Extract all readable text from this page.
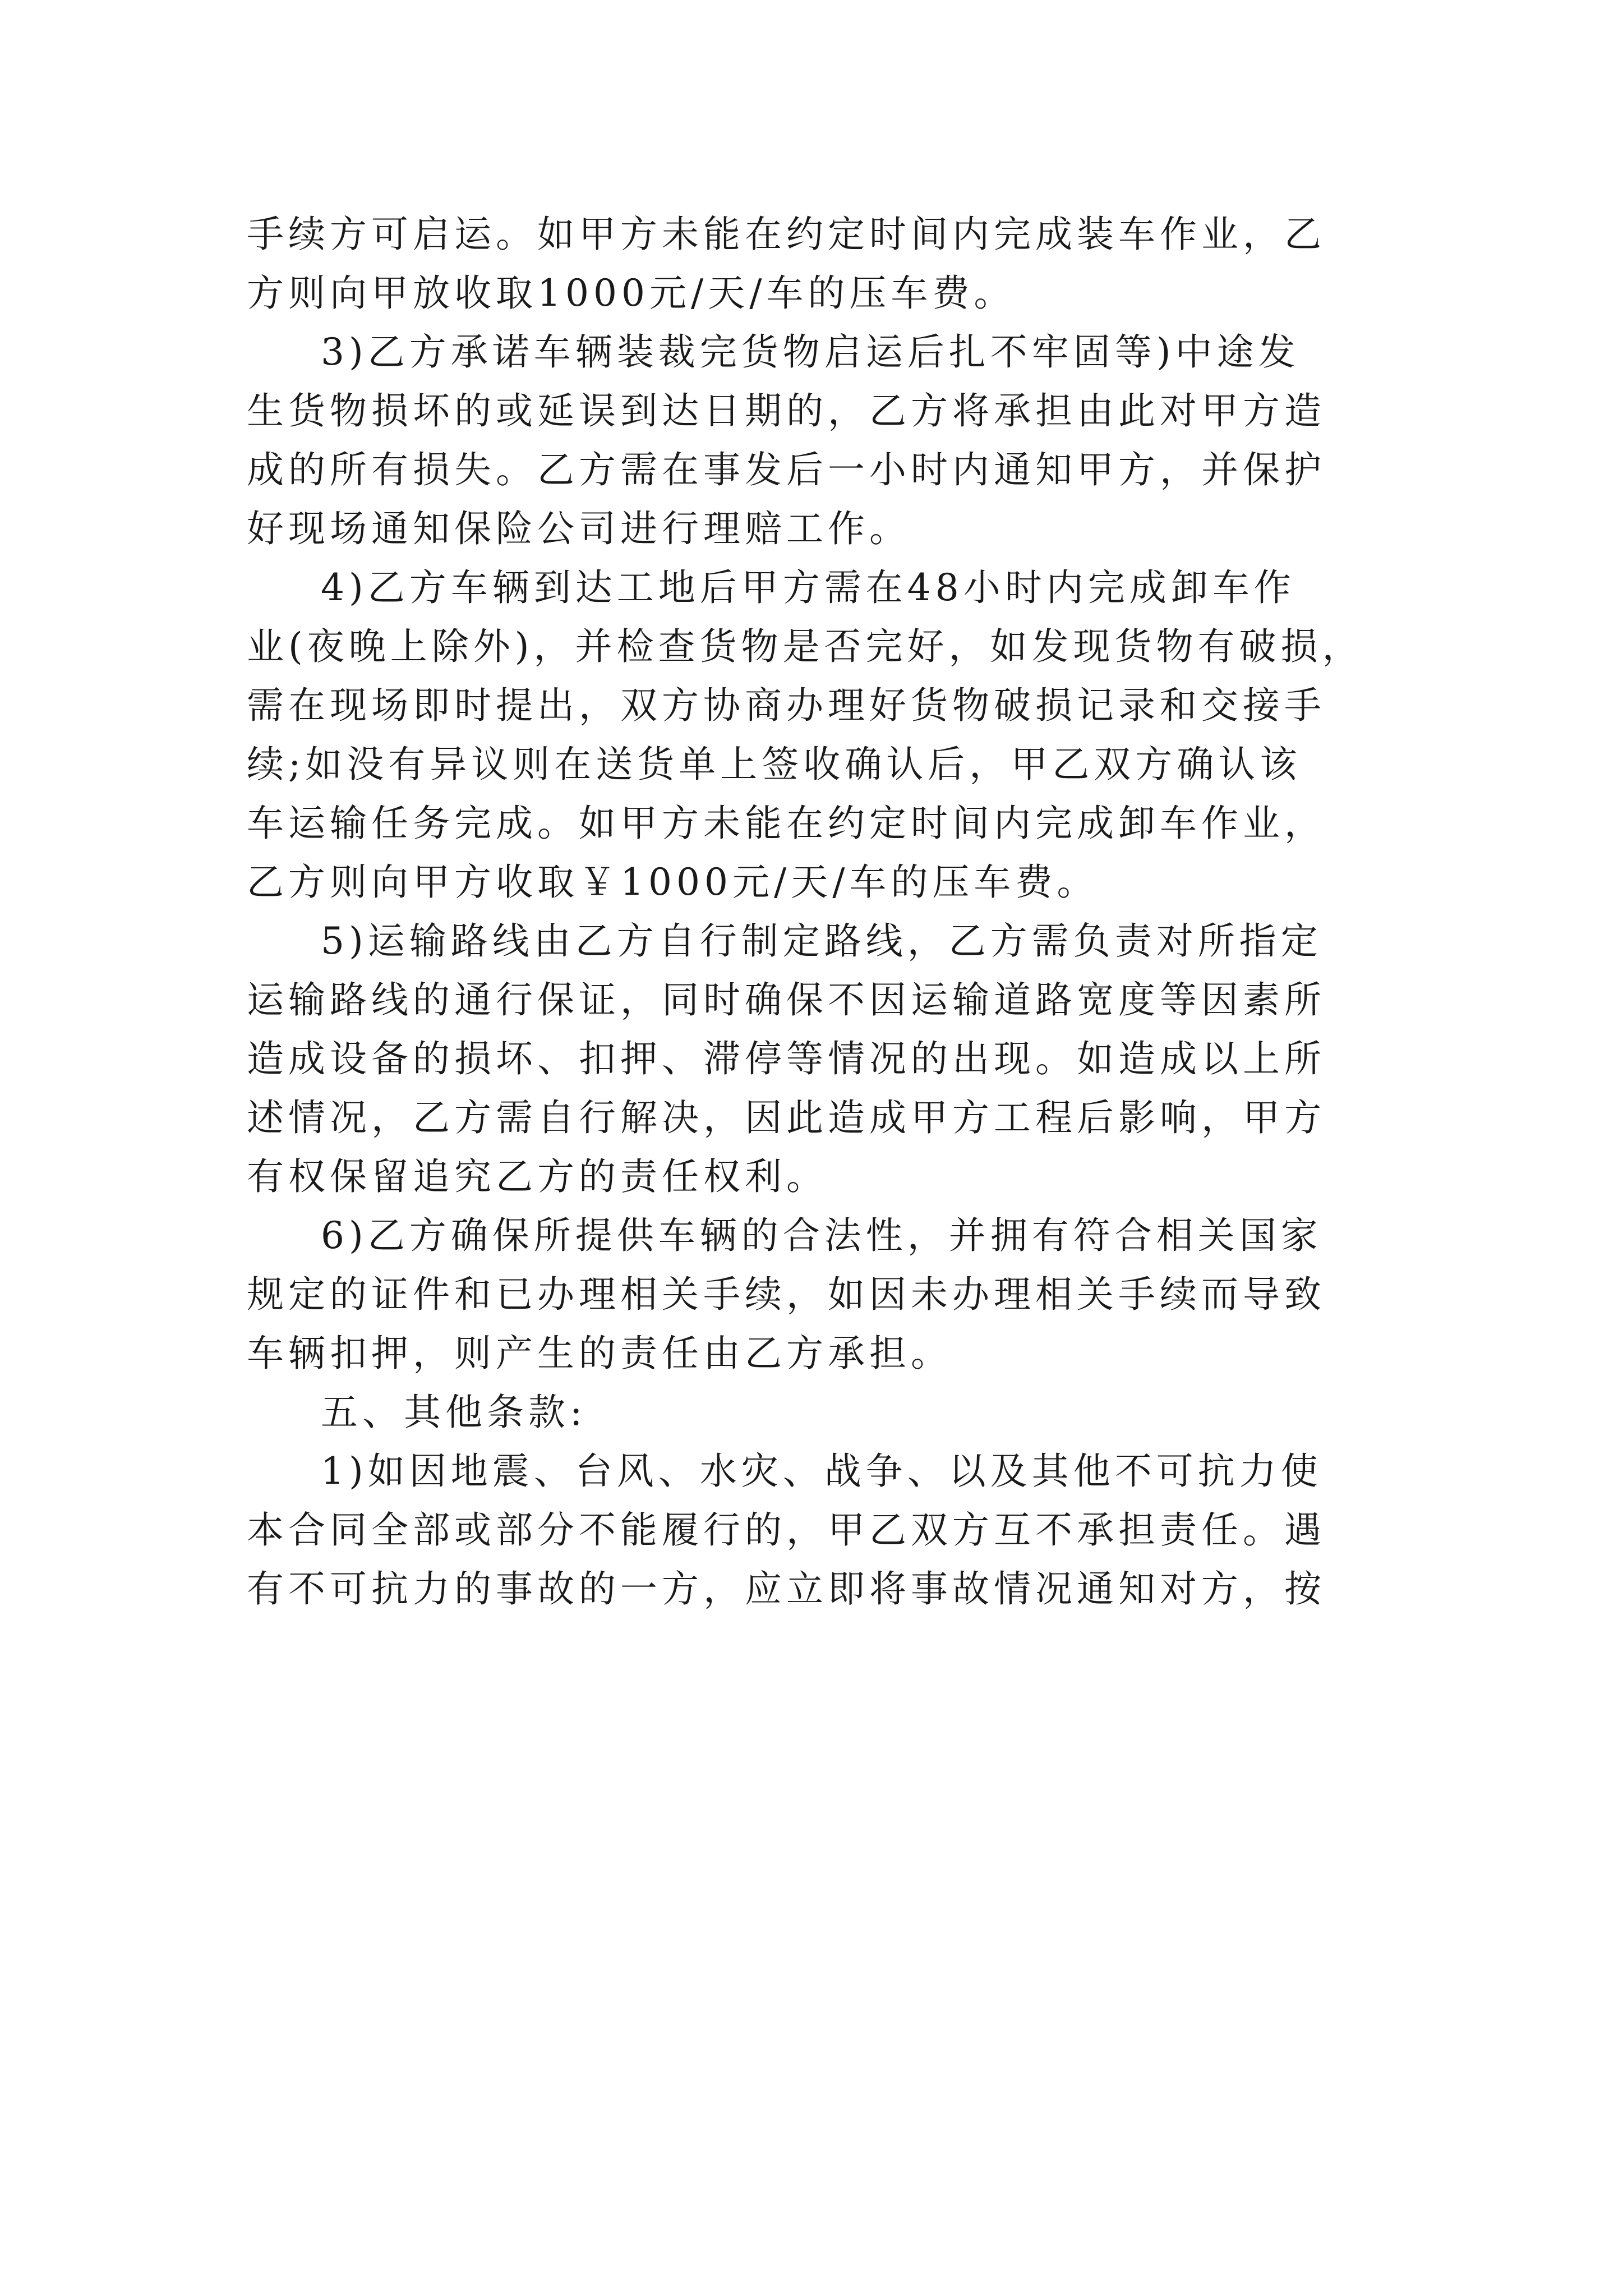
手续方可启运。如甲方未能在约定时间内完成装车作业，乙
方则向甲放收取1000元/天/车的压车费。
3)乙方承诺车辆装裁完货物启运后扎不牢固等)中途发
生货物损坏的或延误到达日期的，乙方将承担由此对甲方造
成的所有损失。乙方需在事发后一小时内通知甲方，并保护
好现场通知保险公司进行理赔工作。
4)乙方车辆到达工地后甲方需在48小时内完成卸车作
业(夜晚上除外)，并检查货物是否完好，如发现货物有破损，
需在现场即时提出，双方协商办理好货物破损记录和交接手
续;如没有异议则在送货单上签收确认后，甲乙双方确认该
车运输任务完成。如甲方未能在约定时间内完成卸车作业，
乙方则向甲方收取￥1000元/天/车的压车费。
5)运输路线由乙方自行制定路线，乙方需负责对所指定
运输路线的通行保证，同时确保不因运输道路宽度等因素所
造成设备的损坏、扣押、滞停等情况的出现。如造成以上所
述情况，乙方需自行解决，因此造成甲方工程后影响，甲方
有权保留追究乙方的责任权利。
6)乙方确保所提供车辆的合法性，并拥有符合相关国家
规定的证件和已办理相关手续，如因未办理相关手续而导致
车辆扣押，则产生的责任由乙方承担。
五、其他条款:
1)如因地震、台风、水灾、战争、以及其他不可抗力使
本合同全部或部分不能履行的，甲乙双方互不承担责任。遇
有不可抗力的事故的一方，应立即将事故情况通知对方，按
